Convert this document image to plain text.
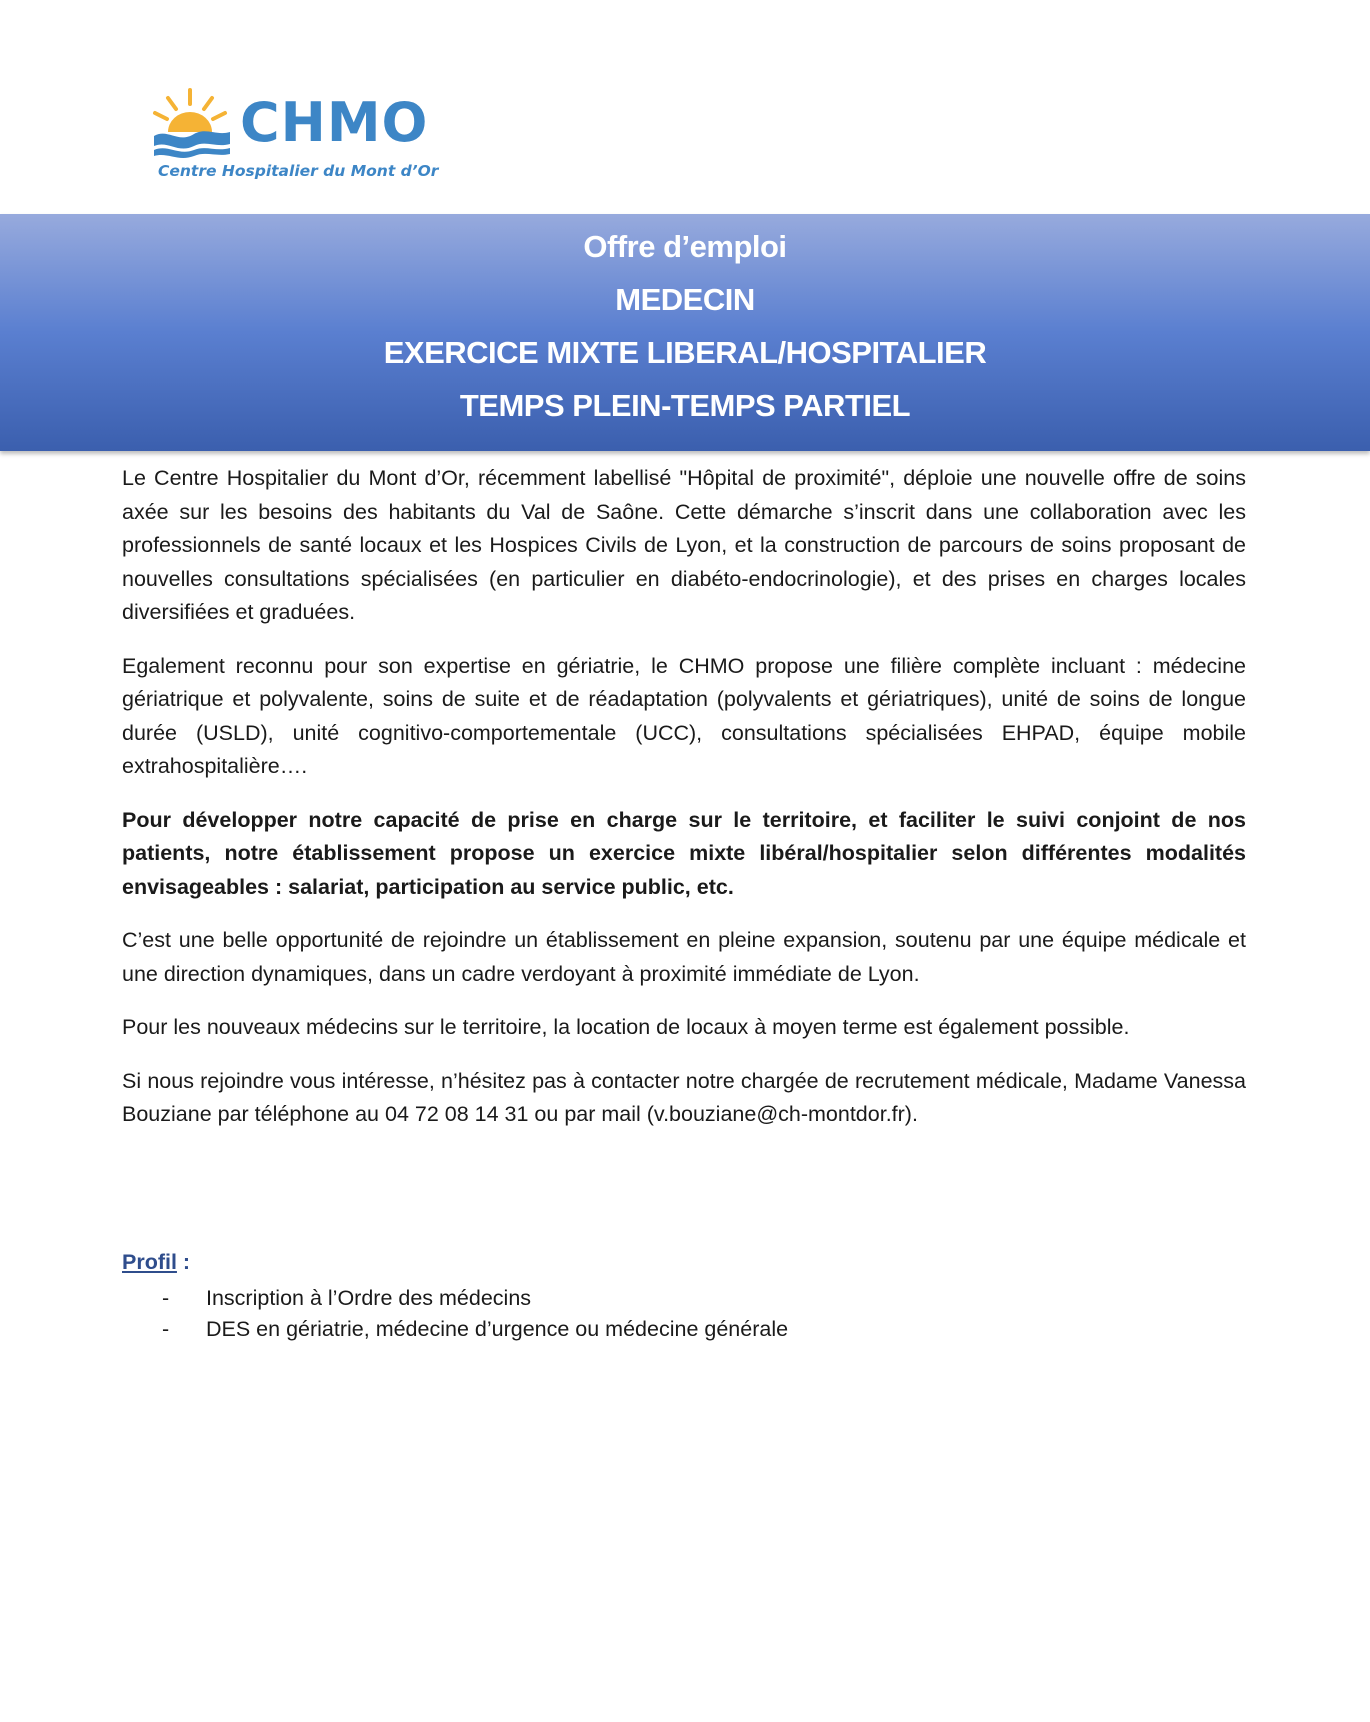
CHMO
Centre Hospitalier du Mont d’Or
Offre d’emploi
MEDECIN
EXERCICE MIXTE LIBERAL/HOSPITALIER
TEMPS PLEIN-TEMPS PARTIEL

Le Centre Hospitalier du Mont d’Or, récemment labellisé "Hôpital de proximité", déploie une nouvelle offre de soins axée sur les besoins des habitants du Val de Saône. Cette démarche s’inscrit dans une collaboration avec les professionnels de santé locaux et les Hospices Civils de Lyon, et la construction de parcours de soins proposant de nouvelles consultations spécialisées (en particulier en diabéto-endocrinologie), et des prises en charges locales diversifiées et graduées.

Egalement reconnu pour son expertise en gériatrie, le CHMO propose une filière complète incluant : médecine gériatrique et polyvalente, soins de suite et de réadaptation (polyvalents et gériatriques), unité de soins de longue durée (USLD), unité cognitivo-comportementale (UCC), consultations spécialisées EHPAD, équipe mobile extrahospitalière….

Pour développer notre capacité de prise en charge sur le territoire, et faciliter le suivi conjoint de nos patients, notre établissement propose un exercice mixte libéral/hospitalier selon différentes modalités envisageables : salariat, participation au service public, etc.

C’est une belle opportunité de rejoindre un établissement en pleine expansion, soutenu par une équipe médicale et une direction dynamiques, dans un cadre verdoyant à proximité immédiate de Lyon.

Pour les nouveaux médecins sur le territoire, la location de locaux à moyen terme est également possible.

Si nous rejoindre vous intéresse, n’hésitez pas à contacter notre chargée de recrutement médicale, Madame Vanessa Bouziane par téléphone au 04 72 08 14 31 ou par mail (v.bouziane@ch-montdor.fr).

Profil :
- Inscription à l’Ordre des médecins
- DES en gériatrie, médecine d’urgence ou médecine générale
